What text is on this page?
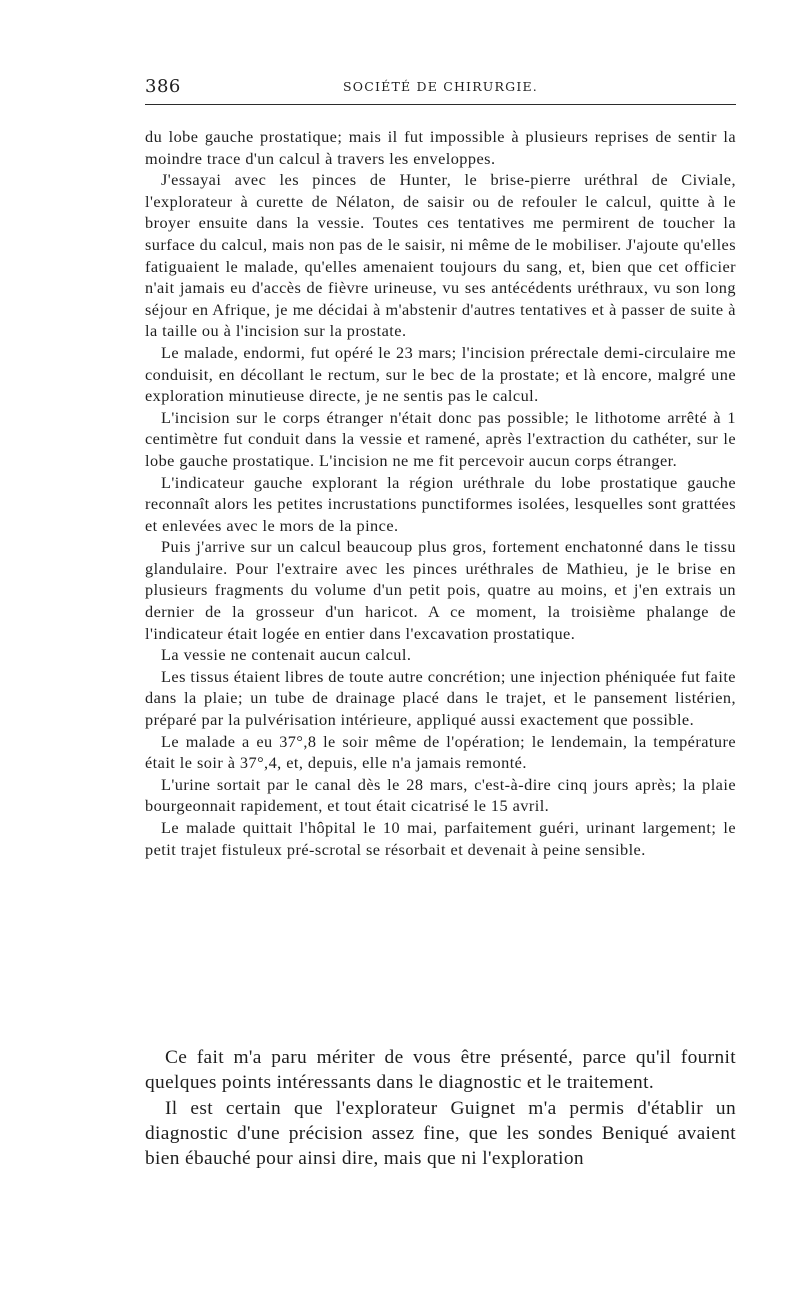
386	SOCIÉTÉ DE CHIRURGIE.

du lobe gauche prostatique; mais il fut impossible à plusieurs reprises de sentir la moindre trace d'un calcul à travers les enveloppes.

J'essayai avec les pinces de Hunter, le brise-pierre uréthral de Civiale, l'explorateur à curette de Nélaton, de saisir ou de refouler le calcul, quitte à le broyer ensuite dans la vessie. Toutes ces tentatives me permirent de toucher la surface du calcul, mais non pas de le saisir, ni même de le mobiliser. J'ajoute qu'elles fatiguaient le malade, qu'elles amenaient toujours du sang, et, bien que cet officier n'ait jamais eu d'accès de fièvre urineuse, vu ses antécédents uréthraux, vu son long séjour en Afrique, je me décidai à m'abstenir d'autres tentatives et à passer de suite à la taille ou à l'incision sur la prostate.

Le malade, endormi, fut opéré le 23 mars; l'incision prérectale demi-circulaire me conduisit, en décollant le rectum, sur le bec de la prostate; et là encore, malgré une exploration minutieuse directe, je ne sentis pas le calcul.

L'incision sur le corps étranger n'était donc pas possible; le lithotome arrêté à 1 centimètre fut conduit dans la vessie et ramené, après l'extraction du cathéter, sur le lobe gauche prostatique. L'incision ne me fit percevoir aucun corps étranger.

L'indicateur gauche explorant la région uréthrale du lobe prostatique gauche reconnaît alors les petites incrustations punctiformes isolées, lesquelles sont grattées et enlevées avec le mors de la pince.

Puis j'arrive sur un calcul beaucoup plus gros, fortement enchatonné dans le tissu glandulaire. Pour l'extraire avec les pinces uréthrales de Mathieu, je le brise en plusieurs fragments du volume d'un petit pois, quatre au moins, et j'en extrais un dernier de la grosseur d'un haricot. A ce moment, la troisième phalange de l'indicateur était logée en entier dans l'excavation prostatique.

La vessie ne contenait aucun calcul.

Les tissus étaient libres de toute autre concrétion; une injection phéniquée fut faite dans la plaie; un tube de drainage placé dans le trajet, et le pansement listérien, préparé par la pulvérisation intérieure, appliqué aussi exactement que possible.

Le malade a eu 37°,8 le soir même de l'opération; le lendemain, la température était le soir à 37°,4, et, depuis, elle n'a jamais remonté.

L'urine sortait par le canal dès le 28 mars, c'est-à-dire cinq jours après; la plaie bourgeonnait rapidement, et tout était cicatrisé le 15 avril.

Le malade quittait l'hôpital le 10 mai, parfaitement guéri, urinant largement; le petit trajet fistuleux pré-scrotal se résorbait et devenait à peine sensible.

Ce fait m'a paru mériter de vous être présenté, parce qu'il fournit quelques points intéressants dans le diagnostic et le traitement.

Il est certain que l'explorateur Guignet m'a permis d'établir un diagnostic d'une précision assez fine, que les sondes Beniqué avaient bien ébauché pour ainsi dire, mais que ni l'exploration
